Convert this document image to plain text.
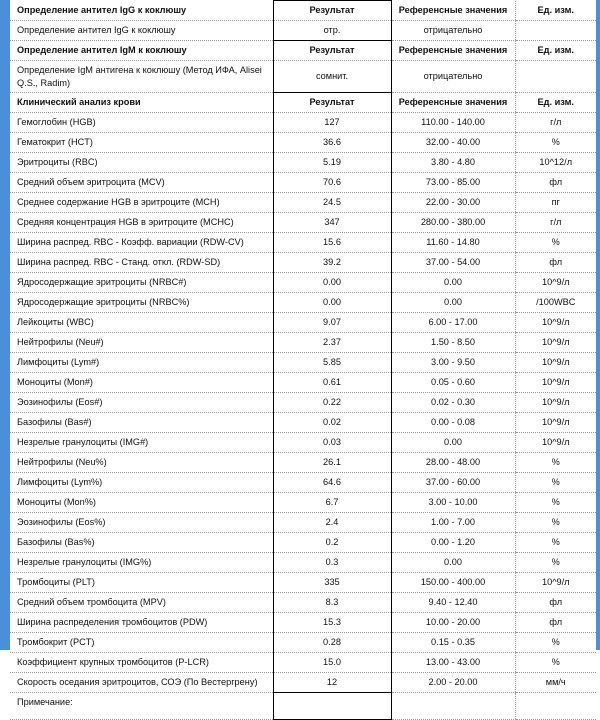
Определение антител IgG к коклюшу	Результат	Референсные значения	Ед. изм.
Определение антител IgG к коклюшу	отр.	отрицательно	
Определение антител IgM к коклюшу	Результат	Референсные значения	Ед. изм.
Определение IgM антигена к коклюшу (Метод ИФА, Alisei Q.S., Radim)	сомнит.	отрицательно	
Клинический анализ крови	Результат	Референсные значения	Ед. изм.
Гемоглобин (HGB)	127	110.00 - 140.00	г/л
Гематокрит (HCT)	36.6	32.00 - 40.00	%
Эритроциты (RBC)	5.19	3.80 - 4.80	10^12/л
Средний объем эритроцита (MCV)	70.6	73.00 - 85.00	фл
Среднее содержание HGB в эритроците (MCH)	24.5	22.00 - 30.00	пг
Средняя концентрация HGB в эритроците (MCHC)	347	280.00 - 380.00	г/л
Ширина распред. RBC - Коэфф. вариации (RDW-CV)	15.6	11.60 - 14.80	%
Ширина распред. RBC - Станд. откл. (RDW-SD)	39.2	37.00 - 54.00	фл
Ядросодержащие эритроциты (NRBC#)	0.00	0.00	10^9/л
Ядросодержащие эритроциты (NRBC%)	0.00	0.00	/100WBC
Лейкоциты (WBC)	9.07	6.00 - 17.00	10^9/л
Нейтрофилы (Neu#)	2.37	1.50 - 8.50	10^9/л
Лимфоциты (Lym#)	5.85	3.00 - 9.50	10^9/л
Моноциты (Mon#)	0.61	0.05 - 0.60	10^9/л
Эозинофилы (Eos#)	0.22	0.02 - 0.30	10^9/л
Базофилы (Bas#)	0.02	0.00 - 0.08	10^9/л
Незрелые гранулоциты (IMG#)	0.03	0.00	10^9/л
Нейтрофилы (Neu%)	26.1	28.00 - 48.00	%
Лимфоциты (Lym%)	64.6	37.00 - 60.00	%
Моноциты (Mon%)	6.7	3.00 - 10.00	%
Эозинофилы (Eos%)	2.4	1.00 - 7.00	%
Базофилы (Bas%)	0.2	0.00 - 1.20	%
Незрелые гранулоциты (IMG%)	0.3	0.00	%
Тромбоциты (PLT)	335	150.00 - 400.00	10^9/л
Средний объем тромбоцита (MPV)	8.3	9.40 - 12.40	фл
Ширина распределения тромбоцитов (PDW)	15.3	10.00 - 20.00	фл
Тромбокрит (PCT)	0.28	0.15 - 0.35	%
Коэффициент крупных тромбоцитов (P-LCR)	15.0	13.00 - 43.00	%
Скорость оседания эритроцитов, СОЭ (По Вестергрену)	12	2.00 - 20.00	мм/ч
Примечание:			
